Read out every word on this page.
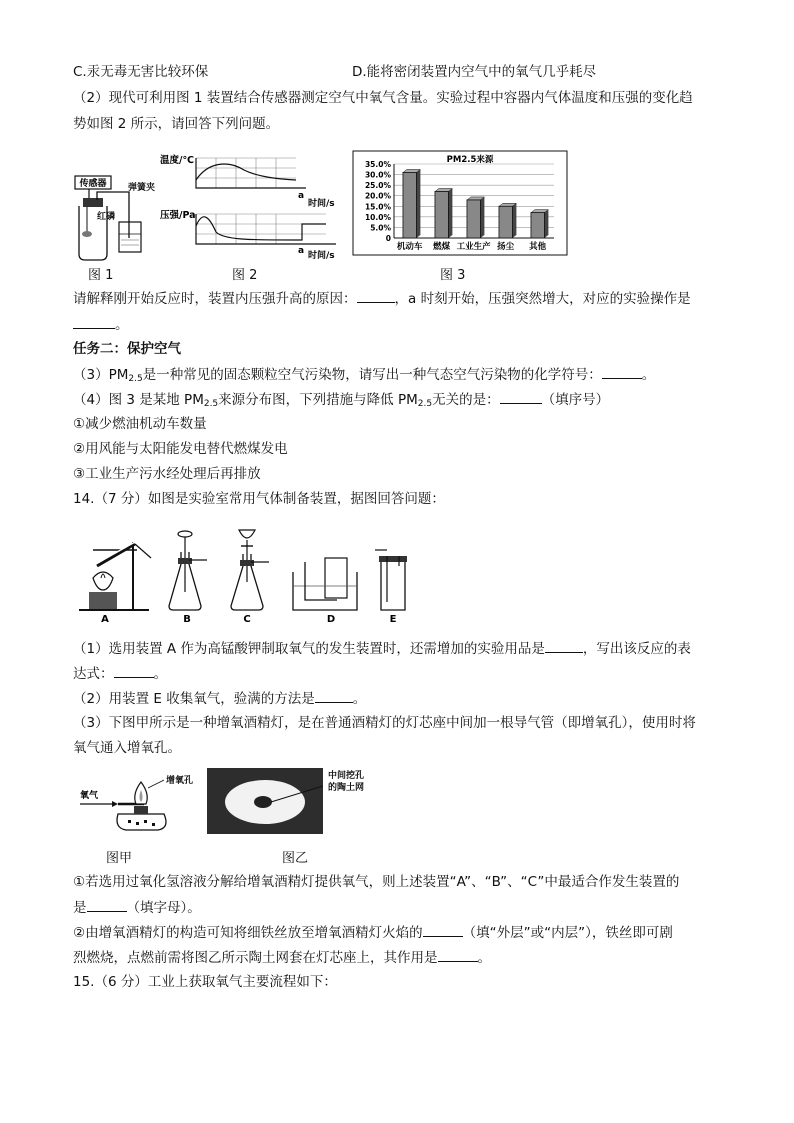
C.汞无毒无害比较环保	D.能将密闭装置内空气中的氧气几乎耗尽
（2）现代可利用图 1 装置结合传感器测定空气中氧气含量。实验过程中容器内气体温度和压强的变化趋
势如图 2 所示，请回答下列问题。
传感器 弹簧夹
红磷
图 1
温度/℃
a
时间/s
压强/Pa
a 时间/s
图 2
PM2.5来源
0
5.0%
10.0%
15.0%
20.0%
25.0%
30.0%
35.0%
机动车 燃煤 工业生产 扬尘 其他
图 3
请解释刚开始反应时，装置内压强升高的原因：	，a 时刻开始，压强突然增大，对应的实验操作是
。
任务二：保护空气
$(3)PM_{2.5}$是一种常见的固态颗粒空气污染物，请写出一种气态空气污染物的化学符号：	。
（4）图 3 是某地 $PM_{2.5}$来源分布图，下列措施与降低 $PM_{2.5}$无关的是：	（填序号）
①减少燃油机动车数量
②用风能与太阳能发电替代燃煤发电
③工业生产污水经处理后再排放
14.（7 分）如图是实验室常用气体制备装置，据图回答问题：
A	B	C	D	E
（1）选用装置 A 作为高锰酸钾制取氧气的发生装置时，还需增加的实验用品是	，写出该反应的表
达式：	。
（2）用装置 E 收集氧气，验满的方法是	。
（3）下图甲所示是一种增氧酒精灯，是在普通酒精灯的灯芯座中间加一根导气管（即增氧孔），使用时将
氧气通入增氧孔。
氧气
增氧孔
图甲
中间挖孔
的陶土网
图乙
①若选用过氧化氢溶液分解给增氧酒精灯提供氧气，则上述装置“A”、“B”、“C”中最适合作发生装置的
是	（填字母）。
②由增氧酒精灯的构造可知将细铁丝放至增氧酒精灯火焰的	（填“外层”或“内层”），铁丝即可剧
烈燃烧，点燃前需将图乙所示陶土网套在灯芯座上，其作用是	。
15.（6 分）工业上获取氧气主要流程如下：
